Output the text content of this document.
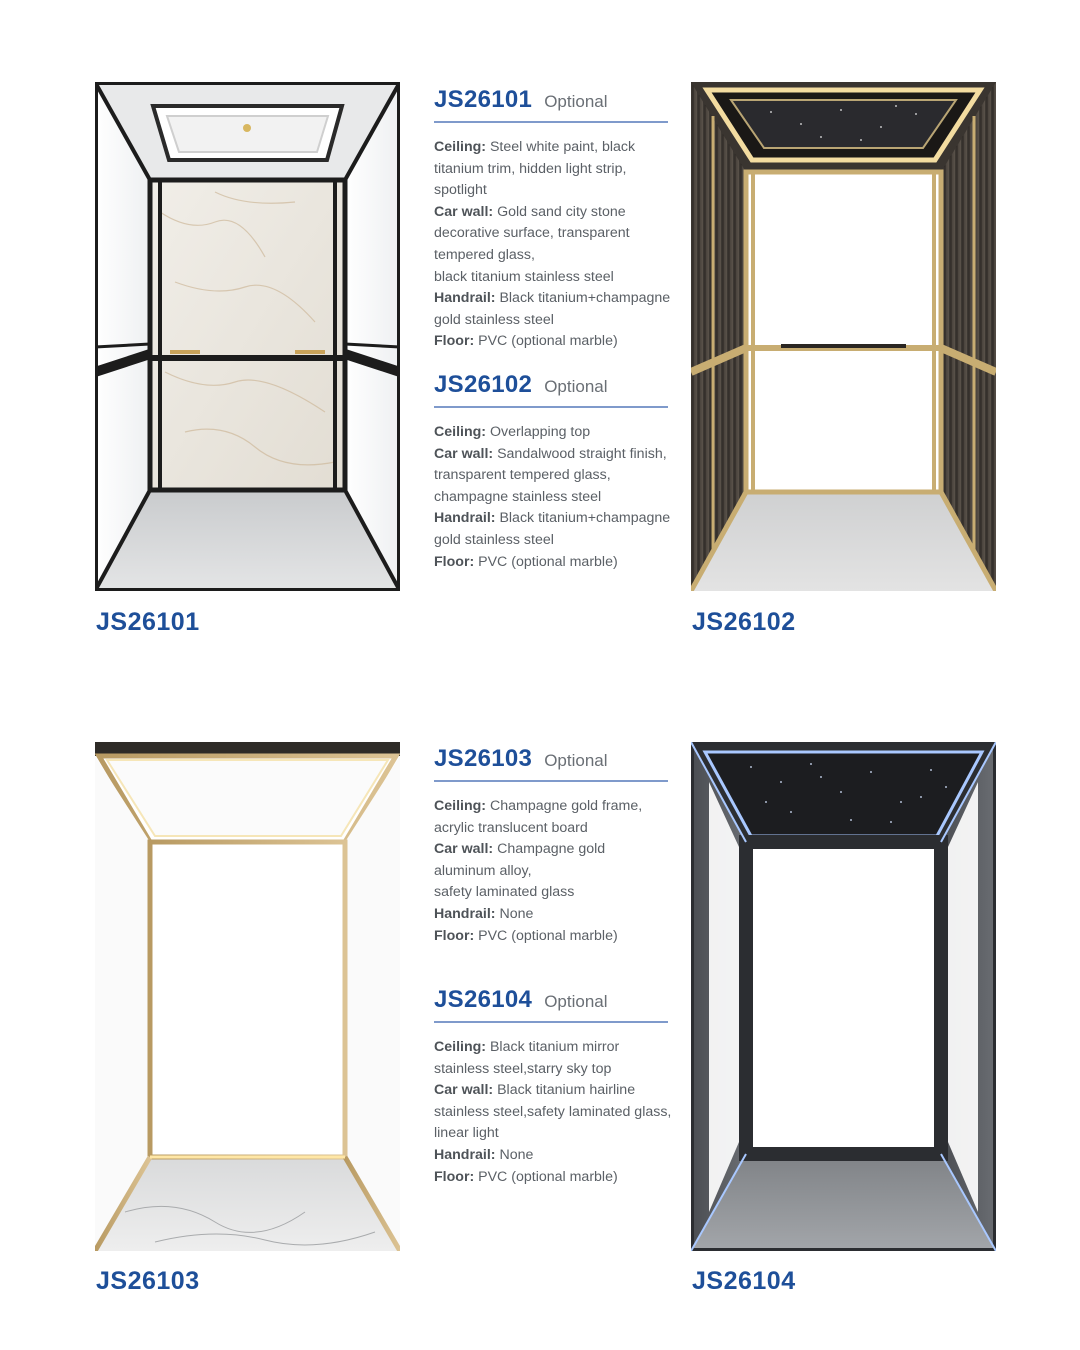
JS26101	JS26102
JS26103	JS26104
JS26101 Optional
Ceiling: Steel white paint, black
titanium trim, hidden light strip,
spotlight
Car wall: Gold sand city stone
decorative surface, transparent
tempered glass,
black titanium stainless steel
Handrail: Black titanium+champagne
gold stainless steel
Floor: PVC (optional marble)
JS26102 Optional
Ceiling: Overlapping top
Car wall: Sandalwood straight finish,
transparent tempered glass,
champagne stainless steel
Handrail: Black titanium+champagne
gold stainless steel
Floor: PVC (optional marble)
JS26103 Optional
Ceiling: Champagne gold frame,
acrylic translucent board
Car wall: Champagne gold
aluminum alloy,
safety laminated glass
Handrail: None
Floor: PVC (optional marble)
JS26104 Optional
Ceiling: Black titanium mirror
stainless steel,starry sky top
Car wall: Black titanium hairline
stainless steel,safety laminated glass,
linear light
Handrail: None
Floor: PVC (optional marble)
